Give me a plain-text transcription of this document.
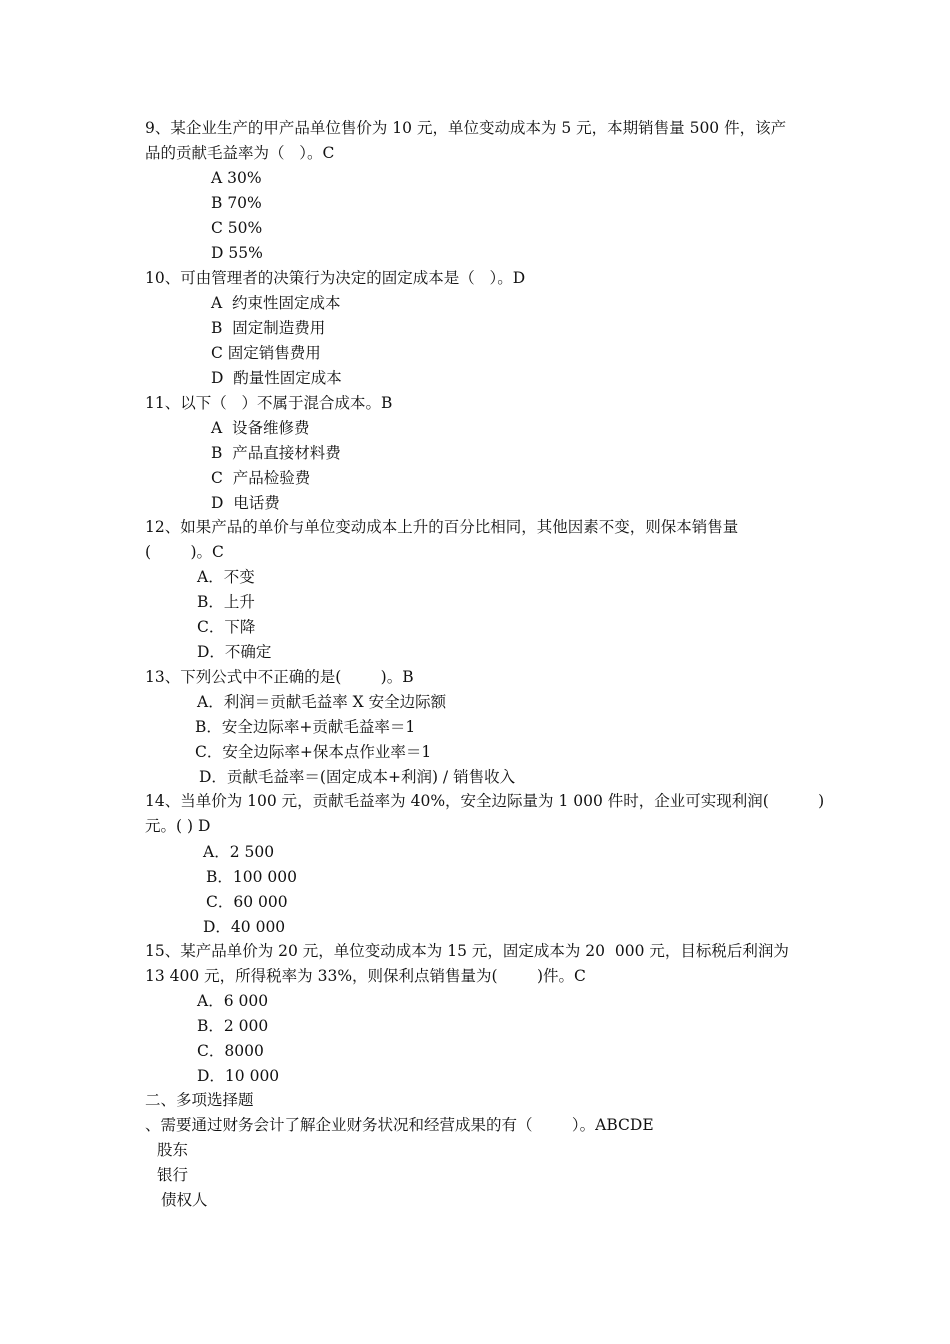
9、某企业生产的甲产品单位售价为 10 元，单位变动成本为 5 元，本期销售量 500 件，该产
品的贡献毛益率为（   ）。C
A 30%
B 70%
C 50%
D 55%
10、可由管理者的决策行为决定的固定成本是（   ）。D
A  约束性固定成本
B  固定制造费用
C 固定销售费用
D  酌量性固定成本
11、以下（   ）不属于混合成本。B
A  设备维修费
B  产品直接材料费
C  产品检验费
D  电话费
12、如果产品的单价与单位变动成本上升的百分比相同，其他因素不变，则保本销售量
(        )。C
A．不变
B．上升
C．下降
D．不确定
13、下列公式中不正确的是(        )。B
A．利润＝贡献毛益率 X 安全边际额
B．安全边际率+贡献毛益率＝1
C．安全边际率+保本点作业率＝1
D．贡献毛益率＝(固定成本+利润) / 销售收入
14、当单价为 100 元，贡献毛益率为 40%，安全边际量为 1 000 件时，企业可实现利润(          )
元。( ) D
A．2 500
B．100 000
C．60 000
D．40 000
15、某产品单价为 20 元，单位变动成本为 15 元，固定成本为 20  000 元，目标税后利润为
13 400 元，所得税率为 33%，则保利点销售量为(        )件。C
A．6 000
B．2 000
C．8000
D．10 000
二、多项选择题
、需要通过财务会计了解企业财务状况和经营成果的有（        ）。ABCDE
股东
银行
债权人
